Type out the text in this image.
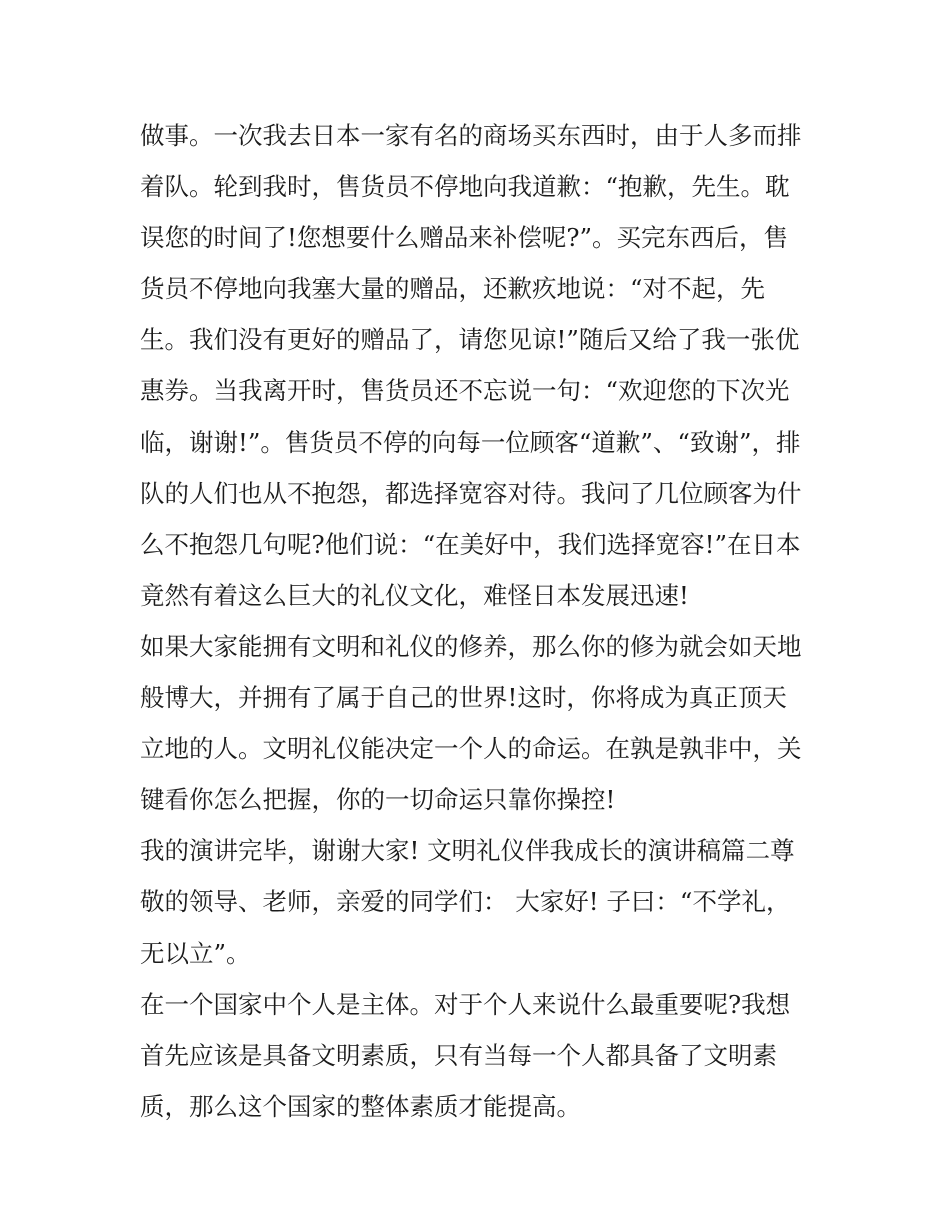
做事。一次我去日本一家有名的商场买东西时，由于人多而排
着队。轮到我时，售货员不停地向我道歉：“抱歉，先生。耽
误您的时间了!您想要什么赠品来补偿呢?”。买完东西后，售
货员不停地向我塞大量的赠品，还歉疚地说：“对不起，先
生。我们没有更好的赠品了，请您见谅!”随后又给了我一张优
惠券。当我离开时，售货员还不忘说一句：“欢迎您的下次光
临，谢谢!”。售货员不停的向每一位顾客“道歉”、“致谢”，排
队的人们也从不抱怨，都选择宽容对待。我问了几位顾客为什
么不抱怨几句呢?他们说：“在美好中，我们选择宽容!”在日本
竟然有着这么巨大的礼仪文化，难怪日本发展迅速!
如果大家能拥有文明和礼仪的修养，那么你的修为就会如天地
般博大，并拥有了属于自己的世界!这时，你将成为真正顶天
立地的人。文明礼仪能决定一个人的命运。在孰是孰非中，关
键看你怎么把握，你的一切命运只靠你操控!
我的演讲完毕，谢谢大家! 文明礼仪伴我成长的演讲稿篇二尊
敬的领导、老师，亲爱的同学们： 大家好! 子曰：“不学礼，
无以立”。
在一个国家中个人是主体。对于个人来说什么最重要呢?我想
首先应该是具备文明素质，只有当每一个人都具备了文明素
质，那么这个国家的整体素质才能提高。
